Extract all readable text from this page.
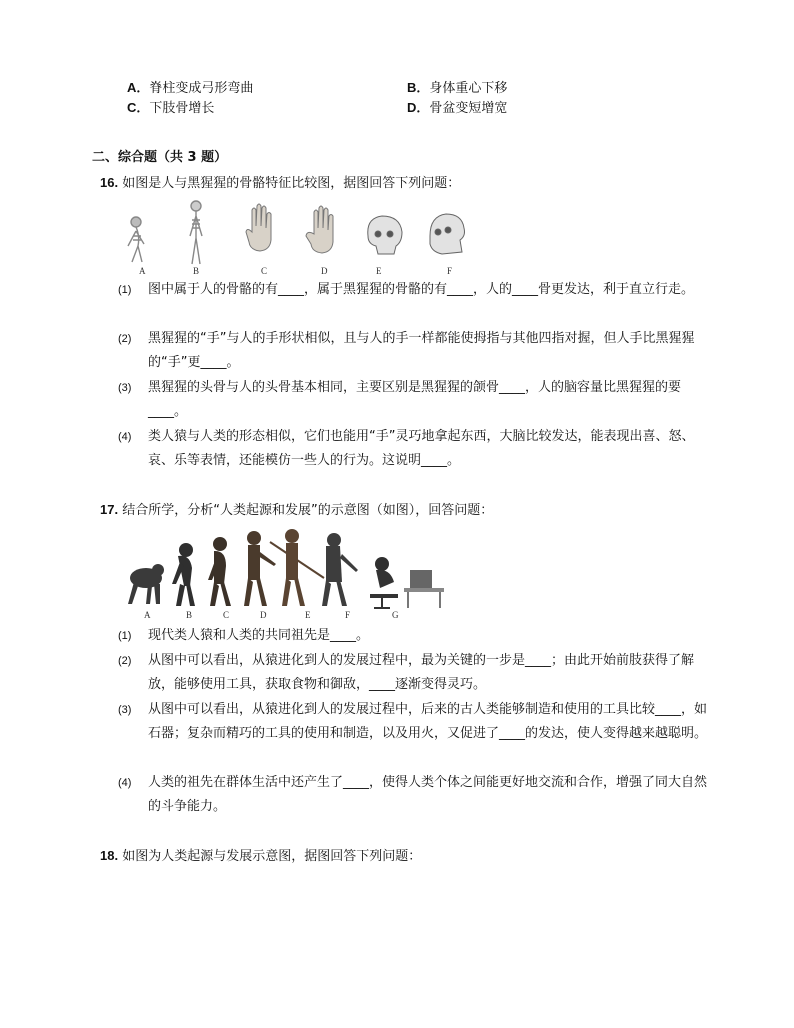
A．脊柱变成弓形弯曲	B．身体重心下移
C．下肢骨增长	D．骨盆变短增宽
二、综合题（共 3 题）
16. 如图是人与黑猩猩的骨骼特征比较图，据图回答下列问题：
A	B	C	D	E	F
(1) 图中属于人的骨骼的有____，属于黑猩猩的骨骼的有____，人的____骨更发达，利于直立行走。
(2) 黑猩猩的“手”与人的手形状相似，且与人的手一样都能使拇指与其他四指对握，但人手比黑猩猩的“手”更____。
(3) 黑猩猩的头骨与人的头骨基本相同，主要区别是黑猩猩的颌骨____，人的脑容量比黑猩猩的要____。
(4) 类人猿与人类的形态相似，它们也能用“手”灵巧地拿起东西，大脑比较发达，能表现出喜、怒、哀、乐等表情，还能模仿一些人的行为。这说明____。
17. 结合所学，分析“人类起源和发展”的示意图（如图），回答问题：
A	B	C	D	E	F	G
(1) 现代类人猿和人类的共同祖先是____。
(2) 从图中可以看出，从猿进化到人的发展过程中，最为关键的一步是____；由此开始前肢获得了解放，能够使用工具，获取食物和御敌，____逐渐变得灵巧。
(3) 从图中可以看出，从猿进化到人的发展过程中，后来的古人类能够制造和使用的工具比较____，如石器；复杂而精巧的工具的使用和制造，以及用火，又促进了____的发达，使人变得越来越聪明。
(4) 人类的祖先在群体生活中还产生了____，使得人类个体之间能更好地交流和合作，增强了同大自然的斗争能力。
18. 如图为人类起源与发展示意图，据图回答下列问题：
